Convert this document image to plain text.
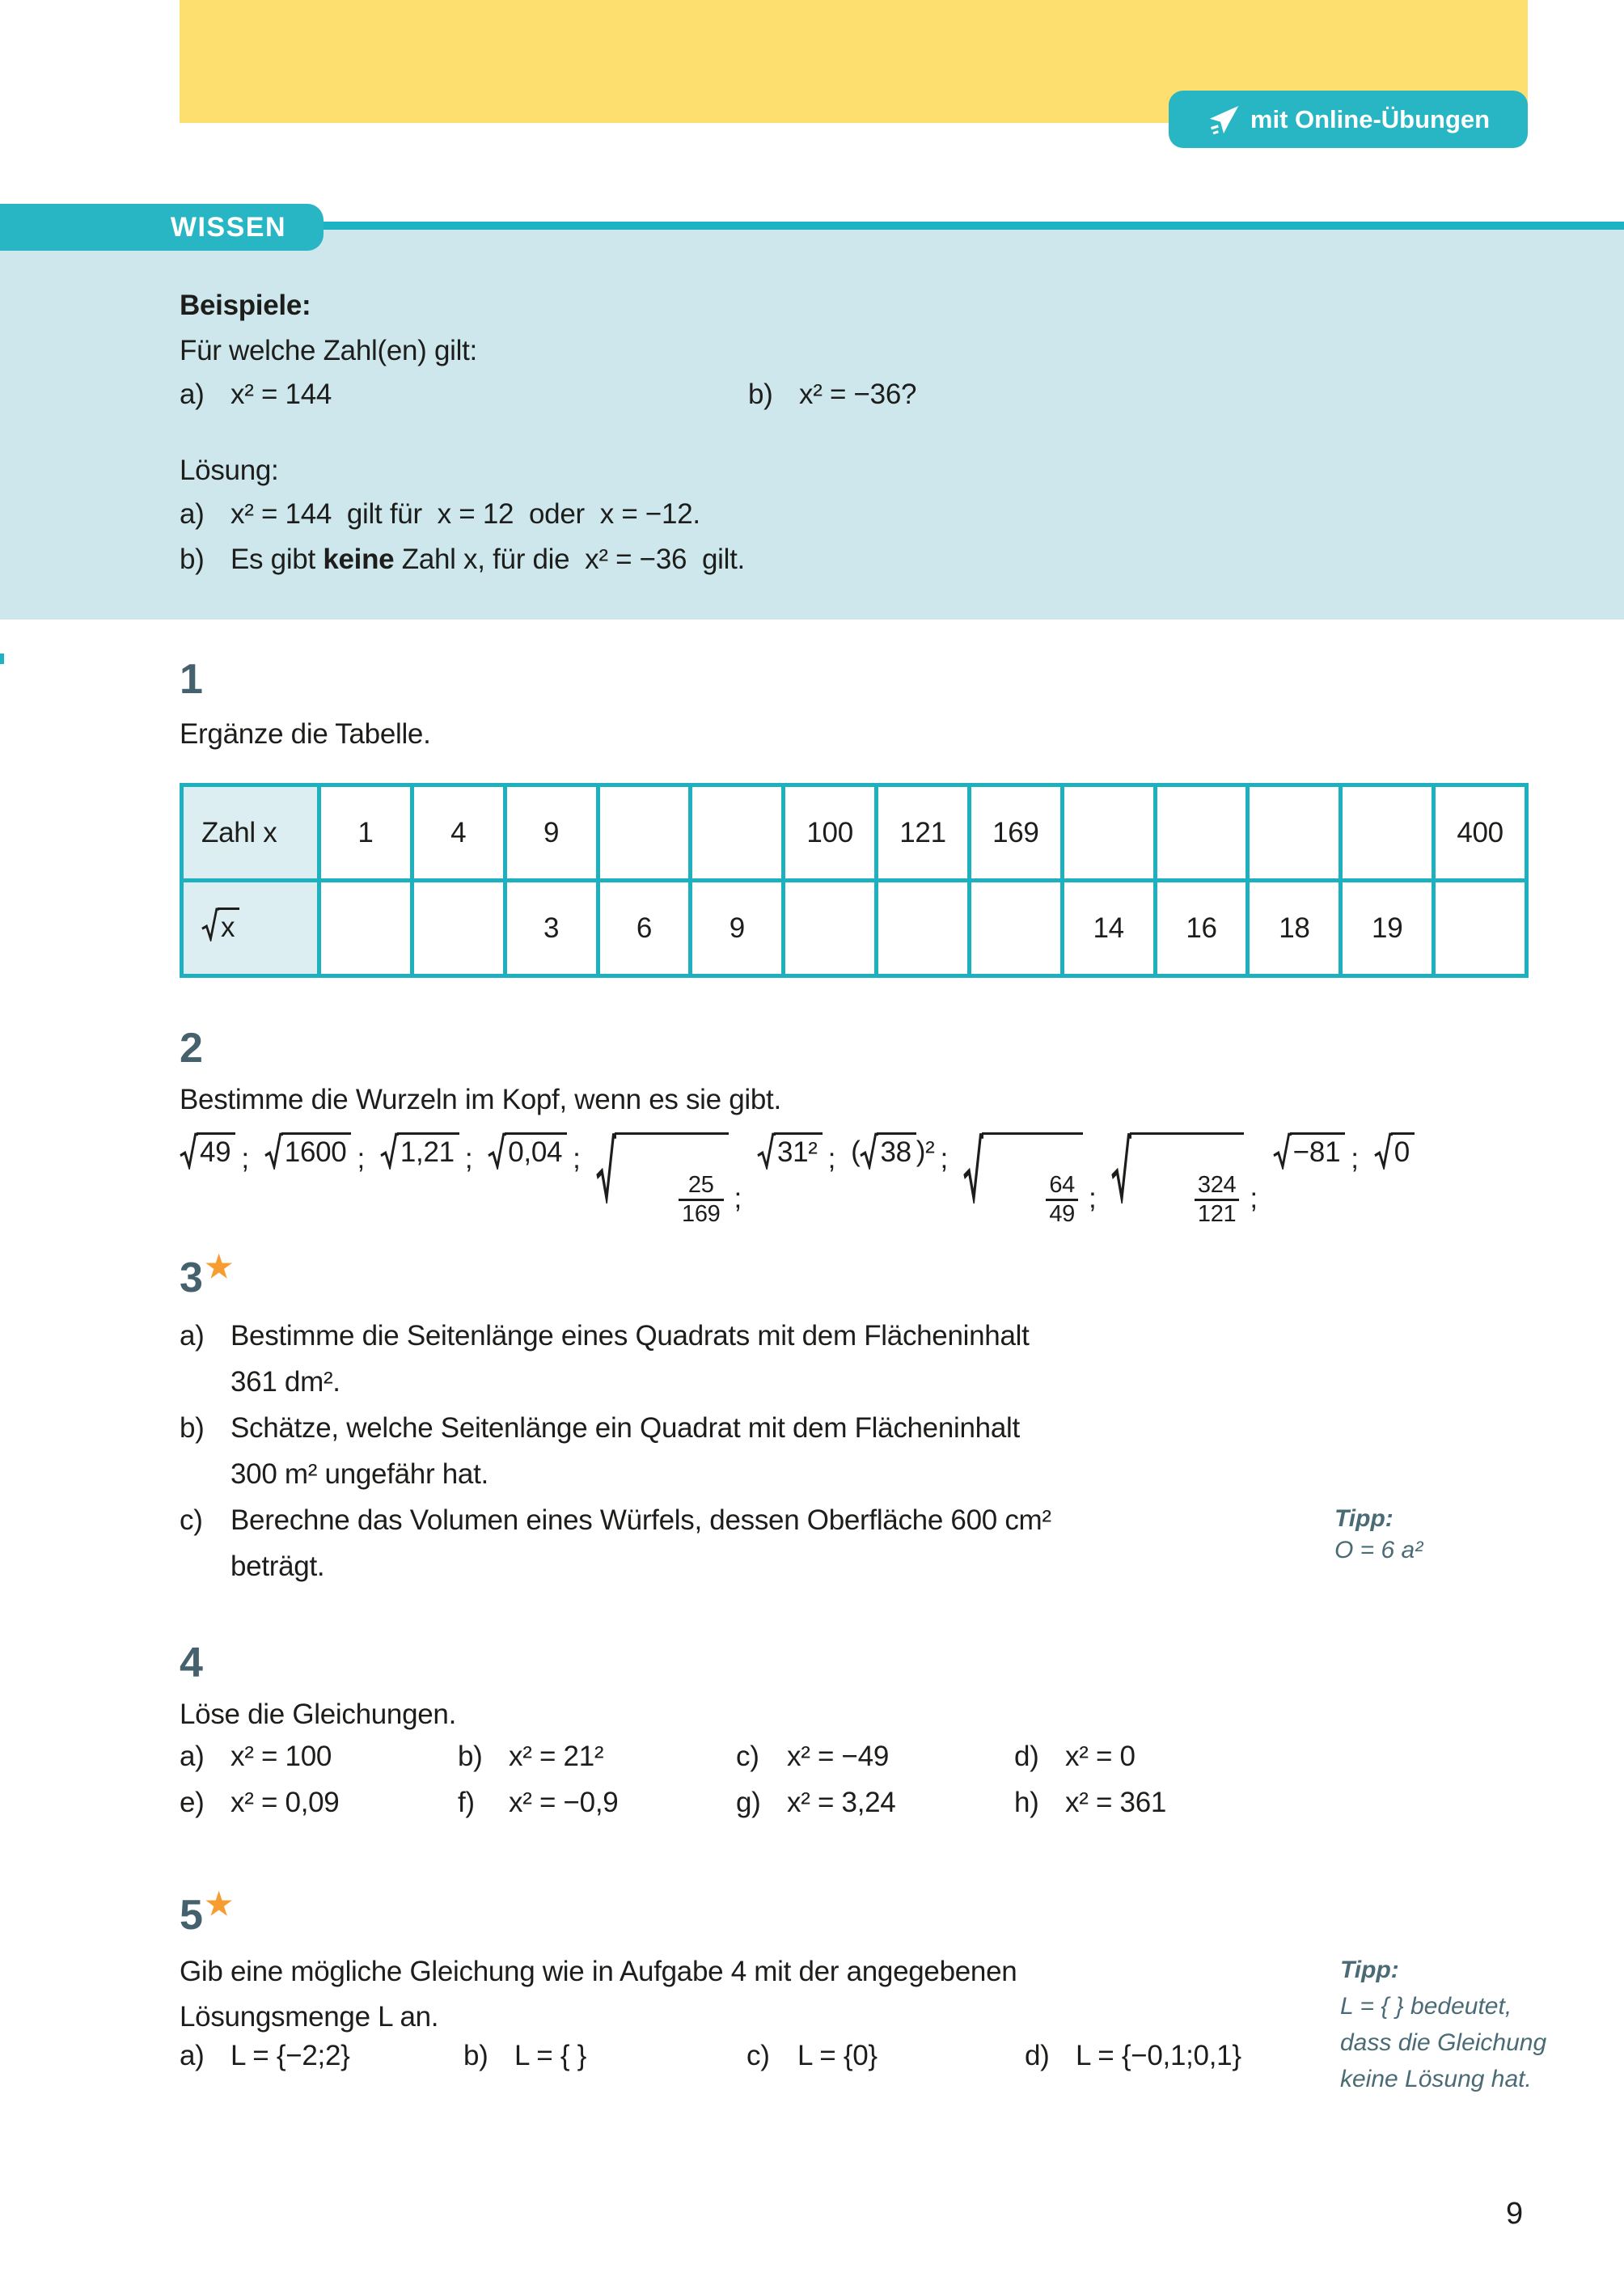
mit Online-Übungen
WISSEN
Beispiele:
Für welche Zahl(en) gilt:
a) x² = 144	b) x² = −36?
Lösung:
a) x² = 144  gilt für  x = 12  oder  x = −12.
b) Es gibt keine Zahl x, für die  x² = −36  gilt.
1
Ergänze die Tabelle.
Zahl x	1	4	9			100	121	169					400

x			3	6	9				14	16	18	19	
2
Bestimme die Wurzeln im Kopf, wenn es sie gibt.
49 ; 1600 ; 1,21 ; 0,04 ;

$\frac{25}{169}$

;
31² ; ( 38 )² ;

$\frac{64}{49}$

;

	$\frac{324}{121}$

;
−81 ; 0
3★
a) Bestimme die Seitenlänge eines Quadrats mit dem Flächeninhalt
361 dm².
b) Schätze, welche Seitenlänge ein Quadrat mit dem Flächeninhalt
300 m² ungefähr hat.
c) Berechne das Volumen eines Würfels, dessen Oberfläche 600 cm²
beträgt.
Tipp:
O = 6 a²
4
Löse die Gleichungen.
a) x² = 100	b) x² = 21²	c) x² = −49	d) x² = 0
e) x² = 0,09	f)	x² = −0,9	g) x² = 3,24	h) x² = 361
5★
Gib eine mögliche Gleichung wie in Aufgabe 4 mit der angegebenen
Lösungsmenge L an.
a) L = {−2;2}	b) L = { }	c) L = {0}	d) L = {−0,1;0,1}
Tipp:
L = { } bedeutet,
dass die Gleichung
keine Lösung hat.
9
